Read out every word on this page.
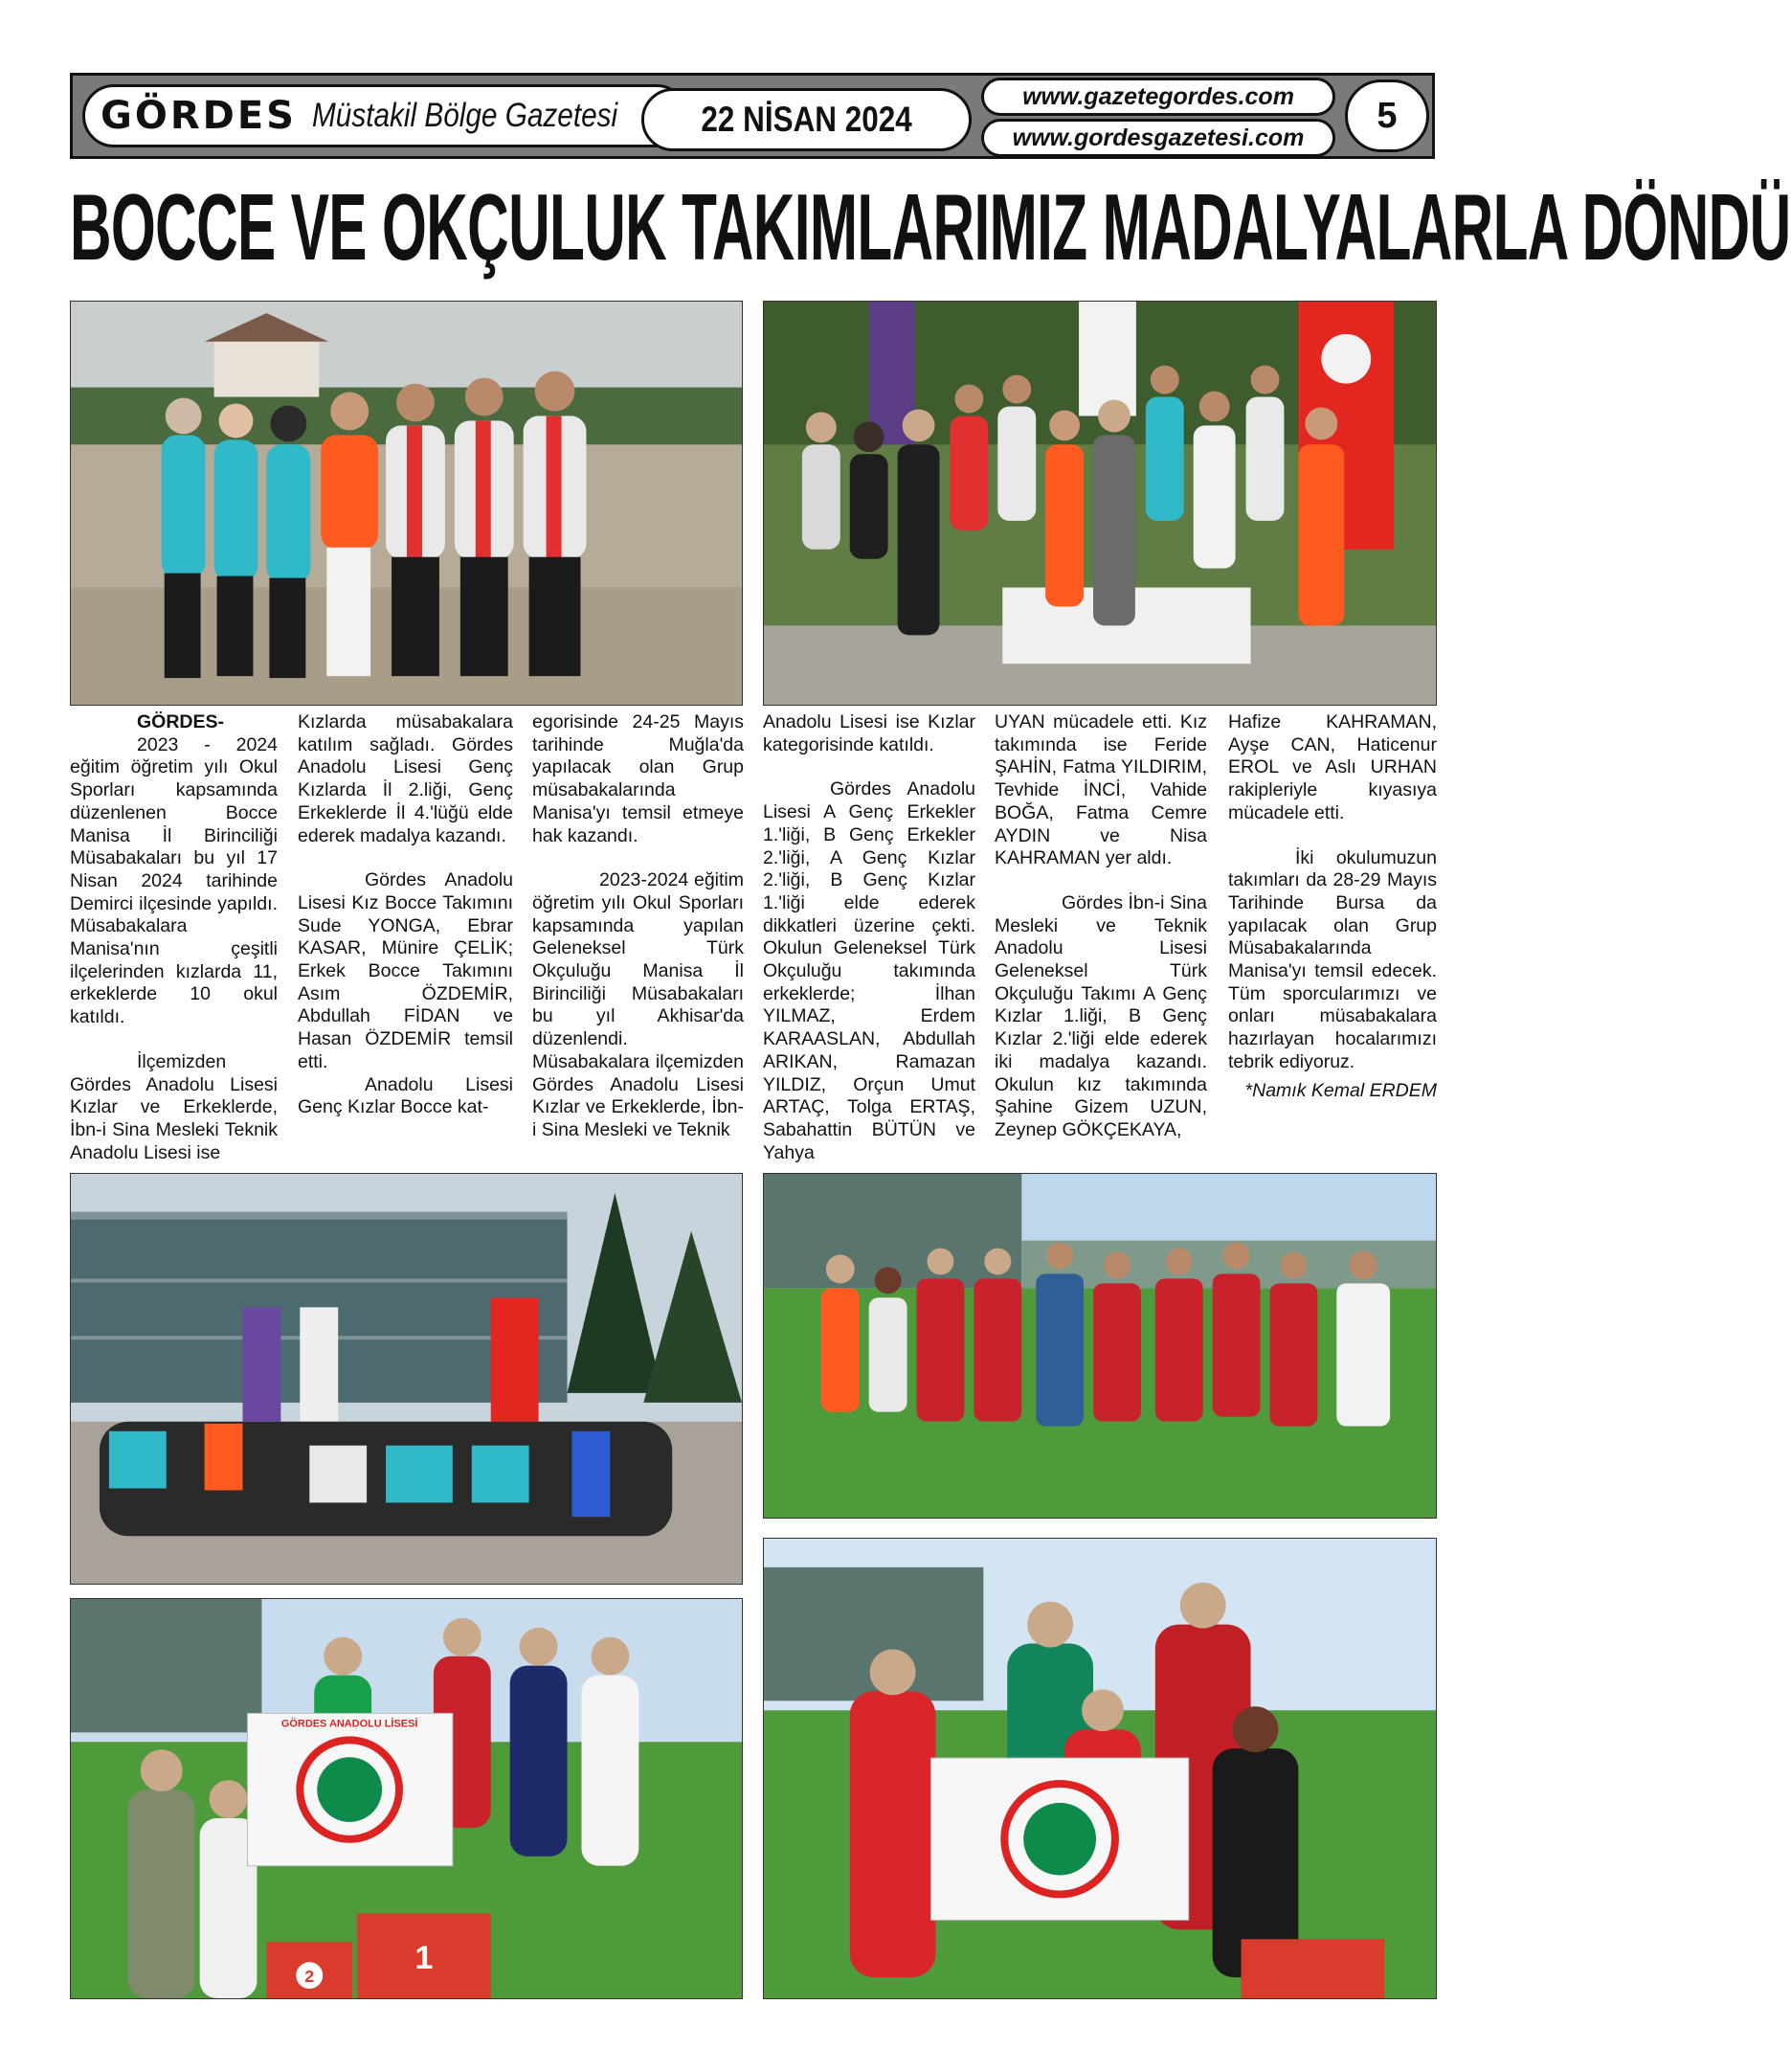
GÖRDES Müstakil Bölge Gazetesi 22 NİSAN 2024
www.gazetegordes.com
www.gordesgazetesi.com
5
BOCCE VE OKÇULUK TAKIMLARIMIZ MADALYALARLA DÖNDÜ

GÖRDES-

2023 - 2024 eğitim öğretim yılı Okul Sporları kapsamında düzenlenen Bocce Manisa İl Birinciliği Müsabakaları bu yıl 17 Nisan 2024 tarihinde Demirci ilçesinde yapıldı. Müsabakalara Manisa'nın çeşitli ilçelerinden kızlarda 11, erkeklerde 10 okul katıldı.

İlçemizden Gördes Anadolu Lisesi Kızlar ve Erkeklerde, İbn-i Sina Mesleki Teknik Anadolu Lisesi ise

Kızlarda müsabakalara katılım sağladı. Gördes Anadolu Lisesi Genç Kızlarda İl 2.liği, Genç Erkeklerde İl 4.'lüğü elde ederek madalya kazandı.

Gördes Anadolu Lisesi Kız Bocce Takımını Sude YONGA, Ebrar KASAR, Münire ÇELİK; Erkek Bocce Takımını Asım ÖZDEMİR, Abdullah FİDAN ve Hasan ÖZDEMİR temsil etti.

Anadolu Lisesi Genç Kızlar Bocce kat-

egorisinde 24-25 Mayıs tarihinde Muğla'da yapılacak olan Grup müsabakalarında Manisa'yı temsil etmeye hak kazandı.

2023-2024 eğitim öğretim yılı Okul Sporları kapsamında yapılan Geleneksel Türk Okçuluğu Manisa İl Birinciliği Müsabakaları bu yıl Akhisar'da düzenlendi. Müsabakalara ilçemizden Gördes Anadolu Lisesi Kızlar ve Erkeklerde, İbn-i Sina Mesleki ve Teknik

Anadolu Lisesi ise Kızlar kategorisinde katıldı.

Gördes Anadolu Lisesi A Genç Erkekler 1.'liği, B Genç Erkekler 2.'liği, A Genç Kızlar 2.'liği, B Genç Kızlar 1.'liği elde ederek dikkatleri üzerine çekti. Okulun Geleneksel Türk Okçuluğu takımında erkeklerde; İlhan YILMAZ, Erdem KARAASLAN, Abdullah ARIKAN, Ramazan YILDIZ, Orçun Umut ARTAÇ, Tolga ERTAŞ, Sabahattin BÜTÜN ve Yahya

UYAN mücadele etti. Kız takımında ise Feride ŞAHİN, Fatma YILDIRIM, Tevhide İNCİ, Vahide BOĞA, Fatma Cemre AYDIN ve Nisa KAHRAMAN yer aldı.

Gördes İbn-i Sina Mesleki ve Teknik Anadolu Lisesi Geleneksel Türk Okçuluğu Takımı A Genç Kızlar 1.liği, B Genç Kızlar 2.'liği elde ederek iki madalya kazandı. Okulun kız takımında Şahine Gizem UZUN, Zeynep GÖKÇEKAYA,

Hafize KAHRAMAN, Ayşe CAN, Haticenur EROL ve Aslı URHAN rakipleriyle kıyasıya mücadele etti.

İki okulumuzun takımları da 28-29 Mayıs Tarihinde Bursa da yapılacak olan Grup Müsabakalarında Manisa'yı temsil edecek. Tüm sporcularımızı ve onları müsabakalara hazırlayan hocalarımızı tebrik ediyoruz.

*Namık Kemal ERDEM

GÖRDES ANADOLU LİSESİ
2	1
